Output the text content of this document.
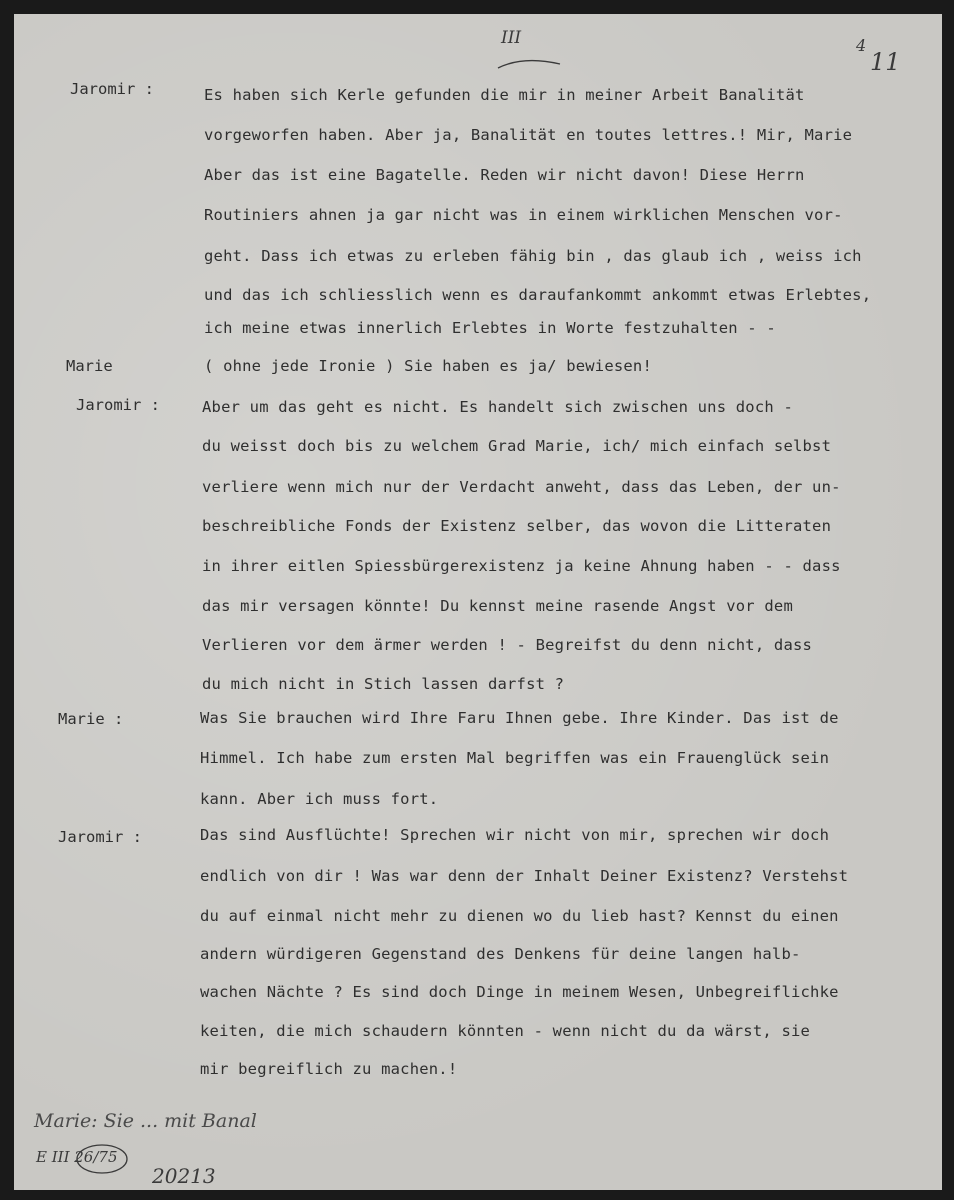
III
11
4
Jaromir :	Es haben sich Kerle gefunden die mir in meiner Arbeit Banalität
vorgeworfen haben. Aber ja, Banalität en toutes lettres.! Mir, Marie
Aber das ist eine Bagatelle. Reden wir nicht davon! Diese Herrn
Routiniers ahnen ja gar nicht was in einem wirklichen Menschen vor-
geht. Dass ich etwas zu erleben fähig bin , das glaub ich , weiss ich
und das ich schliesslich wenn es daraufankommt ankommt etwas Erlebtes,
ich meine etwas innerlich Erlebtes in Worte festzuhalten - -
Marie	( ohne jede Ironie ) Sie haben es ja/ bewiesen!
Jaromir :	Aber um das geht es nicht. Es handelt sich zwischen uns doch -
du weisst doch bis zu welchem Grad Marie, ich/ mich einfach selbst
verliere wenn mich nur der Verdacht anweht, dass das Leben, der un-
beschreibliche Fonds der Existenz selber, das wovon die Litteraten
in ihrer eitlen Spiessbürgerexistenz ja keine Ahnung haben - - dass
das mir versagen könnte! Du kennst meine rasende Angst vor dem
Verlieren vor dem ärmer werden ! - Begreifst du denn nicht, dass
du mich nicht in Stich lassen darfst ?
Marie :	Was Sie brauchen wird Ihre Faru Ihnen gebe. Ihre Kinder. Das ist de
Himmel. Ich habe zum ersten Mal begriffen was ein Frauenglück sein
kann. Aber ich muss fort.
Jaromir :	Das sind Ausflüchte! Sprechen wir nicht von mir, sprechen wir doch
endlich von dir ! Was war denn der Inhalt Deiner Existenz? Verstehst
du auf einmal nicht mehr zu dienen wo du lieb hast? Kennst du einen
andern würdigeren Gegenstand des Denkens für deine langen halb-
wachen Nächte ? Es sind doch Dinge in meinem Wesen, Unbegreiflichke
keiten, die mich schaudern könnten - wenn nicht du da wärst, sie
mir begreiflich zu machen.!
Marie: Sie ... mit Banal
E III 26/75
20213
